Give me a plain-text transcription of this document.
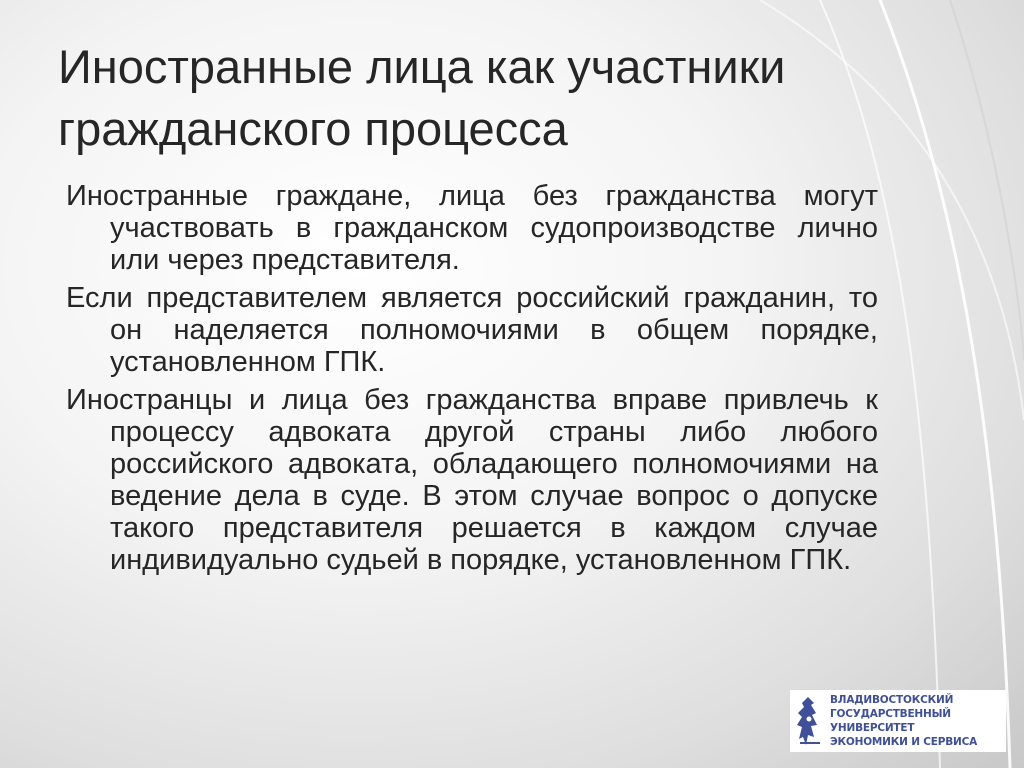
Иностранные лица как участники гражданского процесса

Иностранные граждане, лица без гражданства могут участвовать в гражданском судопроизводстве лично или через представителя.

Если представителем является российский гражданин, то он наделяется полномочиями в общем порядке, установленном ГПК.

Иностранцы и лица без гражданства вправе привлечь к процессу адвоката другой страны либо любого российского адвоката, обладающего полномочиями на ведение дела в суде. В этом случае вопрос о допуске такого представителя решается в каждом случае индивидуально судьей в порядке, установленном ГПК.

ВЛАДИВОСТОКСКИЙ
ГОСУДАРСТВЕННЫЙ
УНИВЕРСИТЕТ
ЭКОНОМИКИ И СЕРВИСА
